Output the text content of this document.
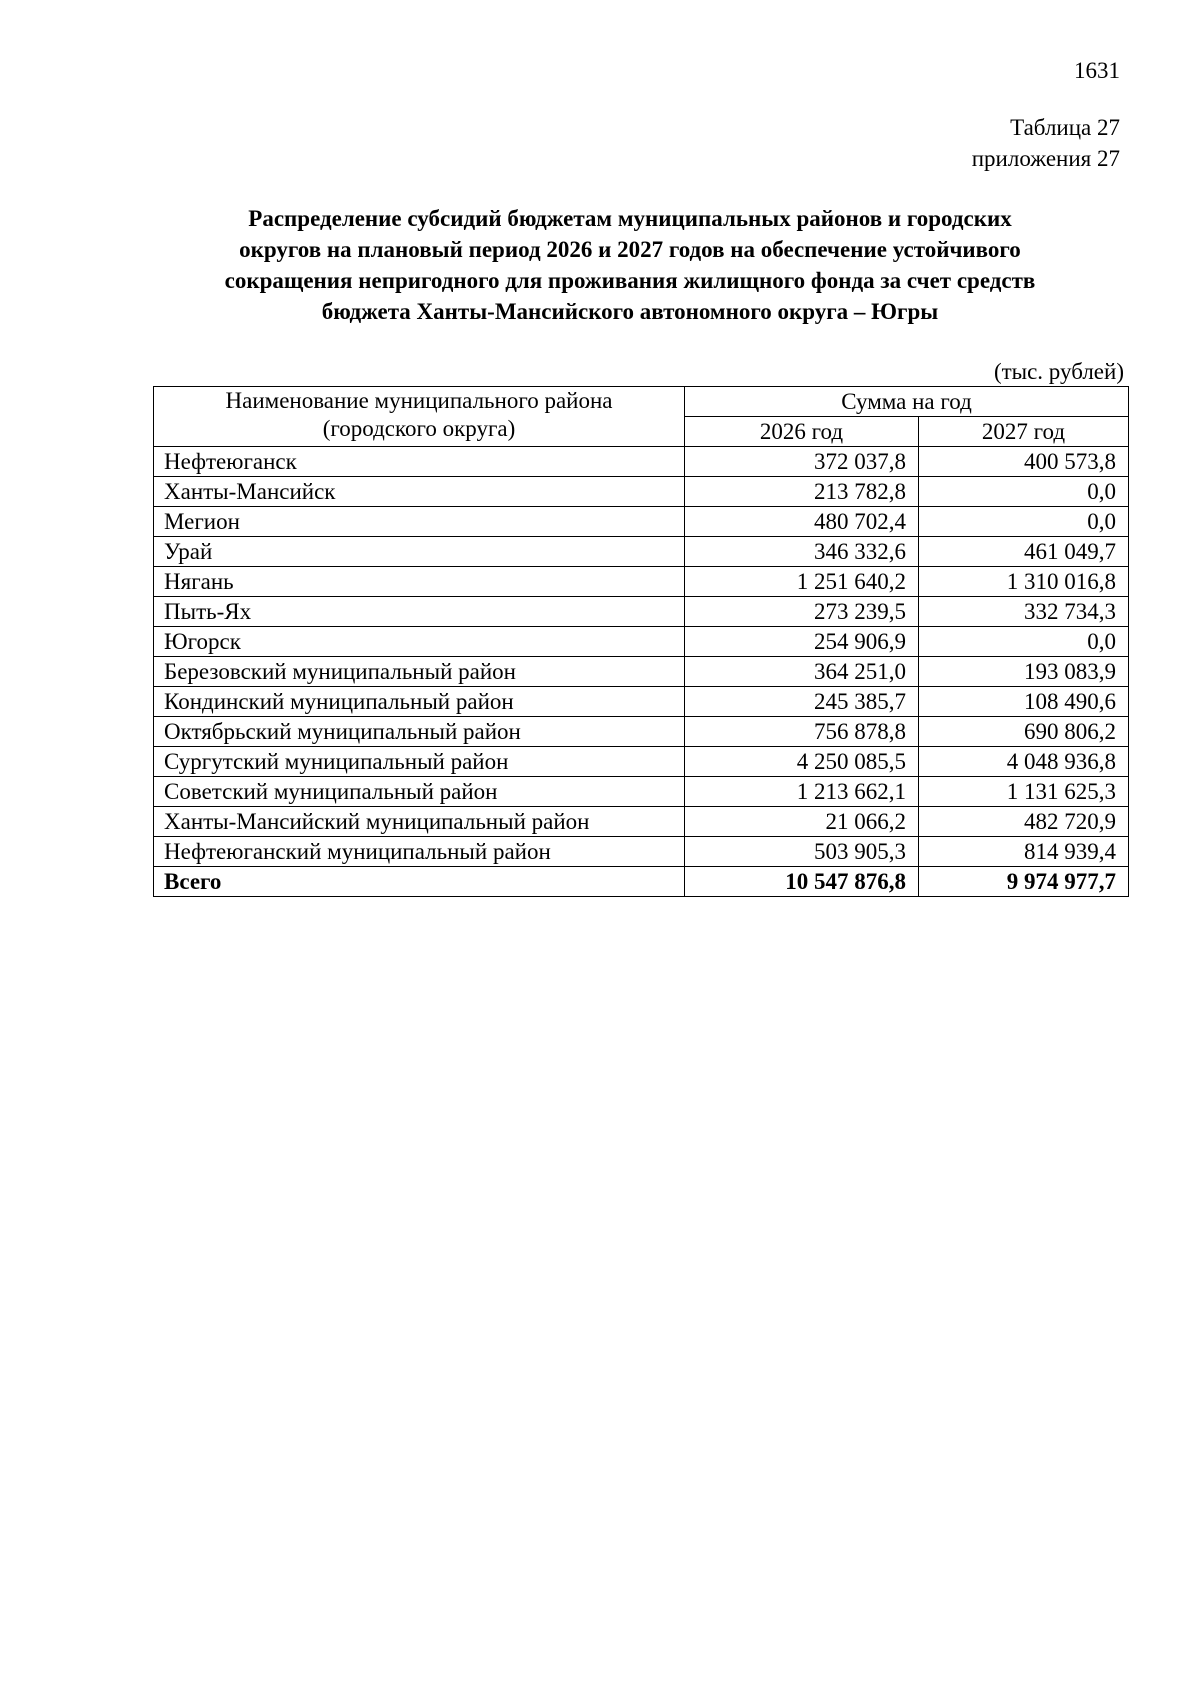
1631
Таблица 27
приложения 27
Распределение субсидий бюджетам муниципальных районов и городских
округов на плановый период 2026 и 2027 годов на обеспечение устойчивого
сокращения непригодного для проживания жилищного фонда за счет средств
бюджета Ханты-Мансийского автономного округа – Югры
(тыс. рублей)
Наименование муниципального района
(городского округа)	Сумма на год	
	2026 год	2027 год
Нефтеюганск	372 037,8	400 573,8
Ханты-Мансийск	213 782,8	0,0
Мегион	480 702,4	0,0
Урай	346 332,6	461 049,7
Нягань	1 251 640,2	1 310 016,8
Пыть-Ях	273 239,5	332 734,3
Югорск	254 906,9	0,0
Березовский муниципальный район	364 251,0	193 083,9
Кондинский муниципальный район	245 385,7	108 490,6
Октябрьский муниципальный район	756 878,8	690 806,2
Сургутский муниципальный район	4 250 085,5	4 048 936,8
Советский муниципальный район	1 213 662,1	1 131 625,3
Ханты-Мансийский муниципальный район	21 066,2	482 720,9
Нефтеюганский муниципальный район	503 905,3	814 939,4
Всего	10 547 876,8	9 974 977,7
